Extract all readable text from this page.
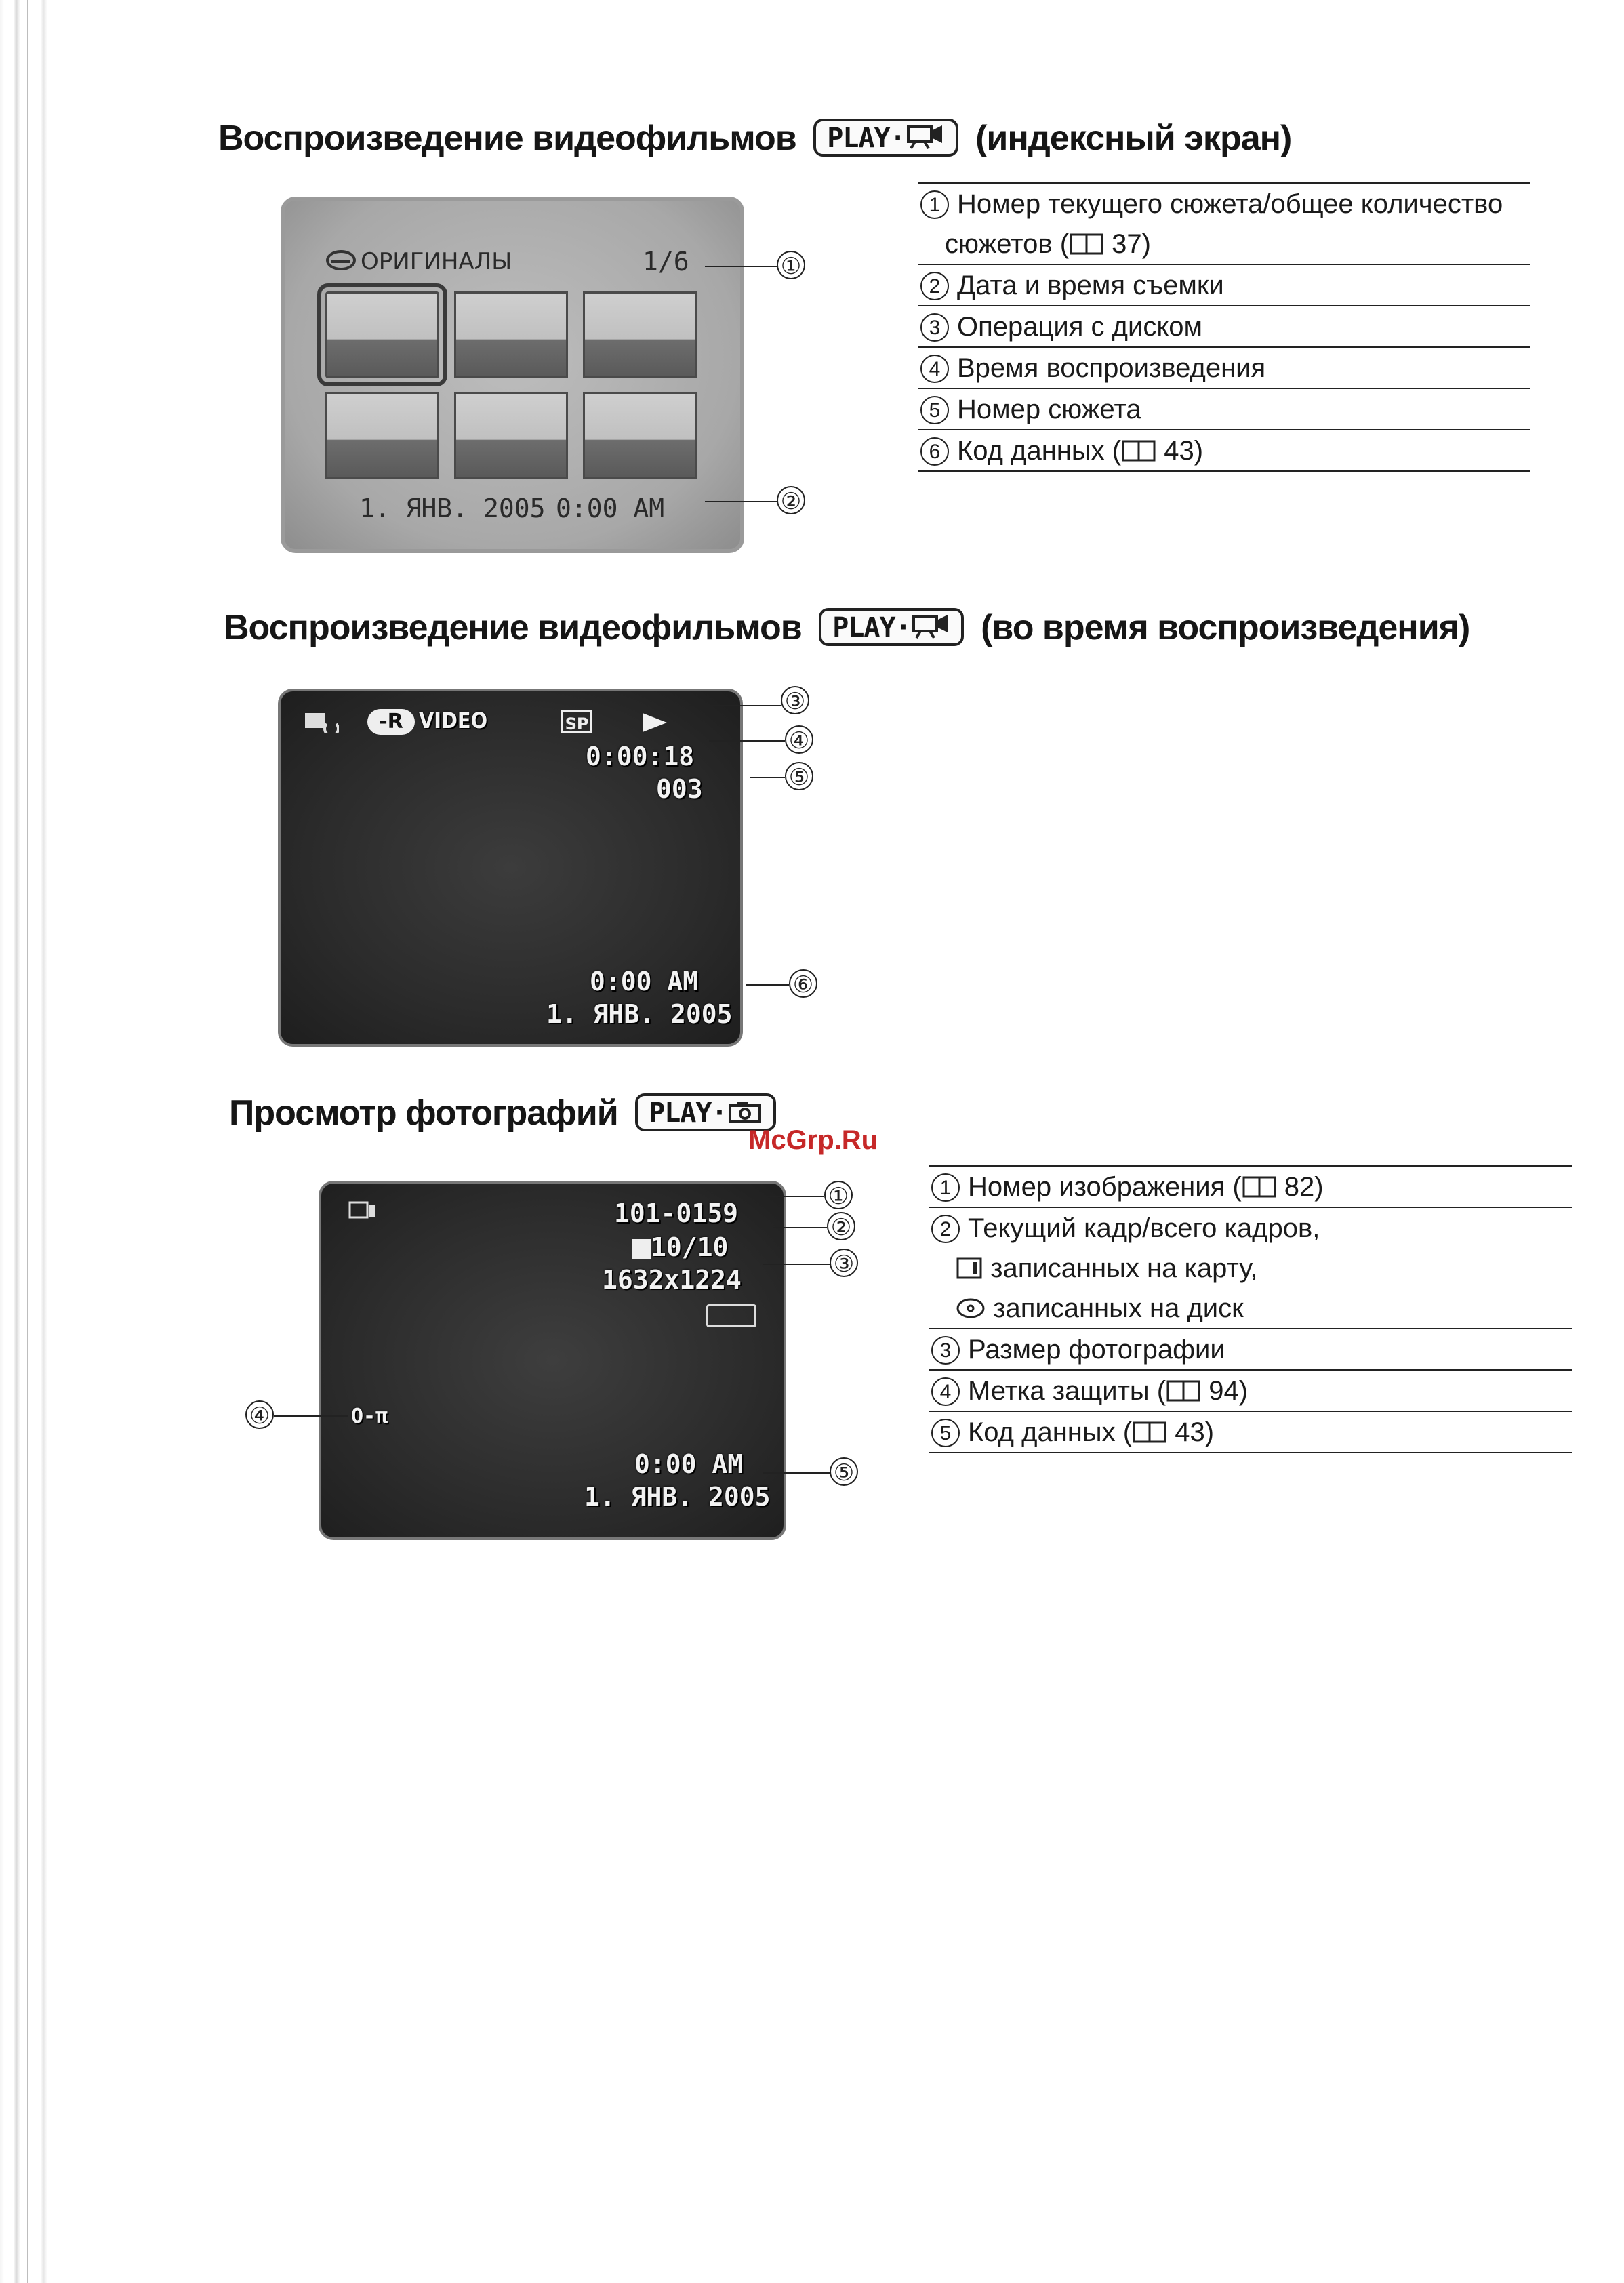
Воспроизведение видеофильмов PLAY· (индексный экран)
ОРИГИНАЛЫ	1/6
1. ЯНВ. 2005 0:00 AM
①
②
1 Номер текущего сюжета/общее количество
сюжетов ( 37)
2 Дата и время съемки
3 Операция с диском
4 Время воспроизведения
5 Номер сюжета
6 Код данных ( 43)
Воспроизведение видеофильмов PLAY· (во время воспроизведения)
-R VIDEO	SP
0:00:18
003
0:00 AM
1. ЯНВ. 2005
③
④
⑤
⑥
Просмотр фотографий PLAY·
McGrp.Ru
101-0159
10/10
1632x1224
O-π
0:00 AM
1. ЯНВ. 2005
①
②
③
④
⑤
1 Номер изображения ( 82)
2 Текущий кадр/всего кадров,
записанных на карту,
записанных на диск
3 Размер фотографии
4 Метка защиты ( 94)
5 Код данных ( 43)
